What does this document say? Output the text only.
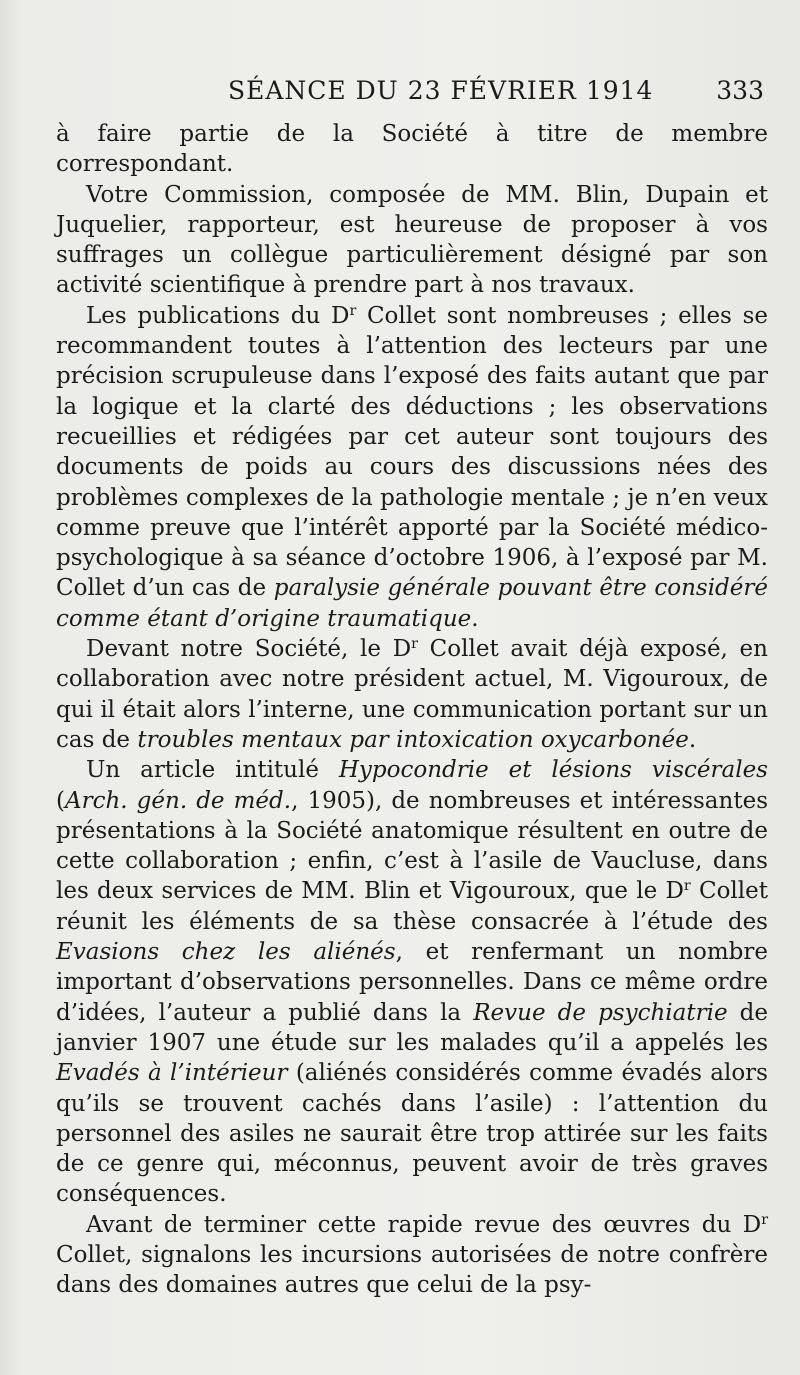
SÉANCE DU 23 FÉVRIER 1914	333

à faire partie de la Société à titre de membre correspondant.

Votre Commission, composée de MM. Blin, Dupain et Juquelier, rapporteur, est heureuse de proposer à vos suffrages un collègue particulièrement désigné par son activité scientifique à prendre part à nos travaux.

Les publications du $D^r$ Collet sont nombreuses ; elles se recommandent toutes à l’attention des lecteurs par une précision scrupuleuse dans l’exposé des faits autant que par la logique et la clarté des déductions ; les observations recueillies et rédigées par cet auteur sont toujours des documents de poids au cours des discussions nées des problèmes complexes de la pathologie mentale ; je n’en veux comme preuve que l’intérêt apporté par la Société médico-psychologique à sa séance d’octobre 1906, à l’exposé par M. Collet d’un cas de paralysie générale pouvant être considéré comme étant d’origine traumatique.

Devant notre Société, le $D^r$ Collet avait déjà exposé, en collaboration avec notre président actuel, M. Vigouroux, de qui il était alors l’interne, une communication portant sur un cas de troubles mentaux par intoxication oxycarbonée.

Un article intitulé Hypocondrie et lésions viscérales (Arch. gén. de méd., 1905), de nombreuses et intéressantes présentations à la Société anatomique résultent en outre de cette collaboration ; enfin, c’est à l’asile de Vaucluse, dans les deux services de MM. Blin et Vigouroux, que le $D^r$ Collet réunit les éléments de sa thèse consacrée à l’étude des Evasions chez les aliénés, et renfermant un nombre important d’observations personnelles. Dans ce même ordre d’idées, l’auteur a publié dans la Revue de psychiatrie de janvier 1907 une étude sur les malades qu’il a appelés les Evadés à l’intérieur (aliénés considérés comme évadés alors qu’ils se trouvent cachés dans l’asile) : l’attention du personnel des asiles ne saurait être trop attirée sur les faits de ce genre qui, méconnus, peuvent avoir de très graves conséquences.

Avant de terminer cette rapide revue des œuvres du $D^r$ Collet, signalons les incursions autorisées de notre confrère dans des domaines autres que celui de la psy-
